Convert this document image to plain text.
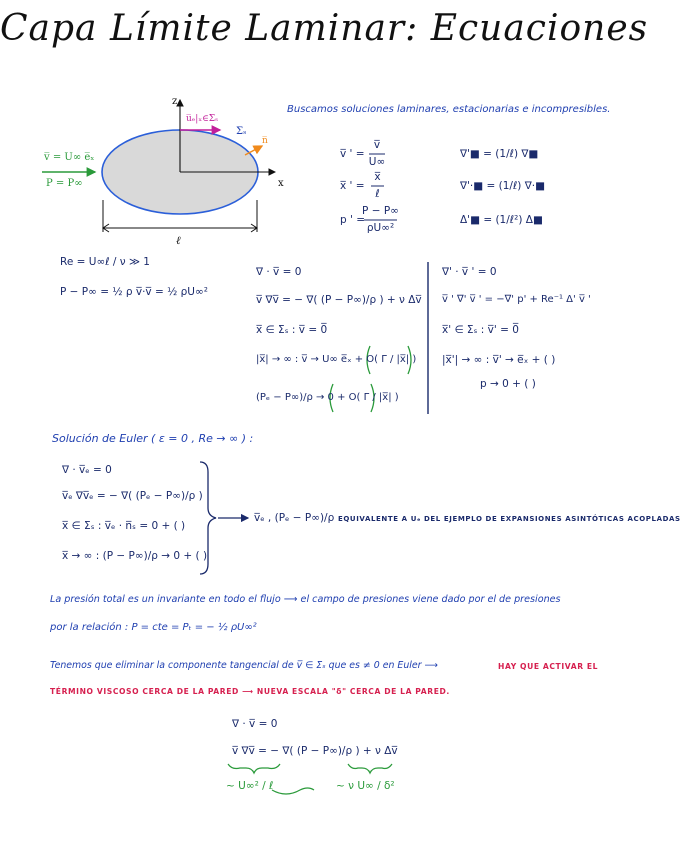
Capa Límite Laminar: Ecuaciones
z
x
u̅ₑ|ₓ∈Σₛ
Σₛ
n̅
ℓ
v̅ = U∞ e̅ₓ
P = P∞
Buscamos soluciones laminares, estacionarias e incompresibles.
v̅ ' =
v̅
U∞
x̅ ' =
x̅
ℓ
p ' =
P − P∞
ρU∞²
∇'■ = (1/ℓ) ∇■
∇'·■ = (1/ℓ) ∇·■
Δ'■ = (1/ℓ²) Δ■
Re = U∞ℓ / ν ≫ 1
P − P∞ = ½ ρ v̅·v̅ = ½ ρU∞²
∇ · v̅ = 0
v̅ ∇v̅ = − ∇( (P − P∞)/ρ ) + ν Δv̅
x̅ ∈ Σₛ : v̅ = 0̅
|x̅| → ∞ : v̅ → U∞ e̅ₓ + O( Γ / |x̅| )
(Pₑ − P∞)/ρ → 0 + O( Γ / |x̅| )
∇' · v̅ ' = 0
v̅ ' ∇' v̅ ' = −∇' p' + Re⁻¹ Δ' v̅ '
x̅' ∈ Σₛ : v̅' = 0̅
|x̅'| → ∞ : v̅' → e̅ₓ + ( )
p → 0 + ( )
Solución de Euler ( ε = 0 , Re → ∞ ) :
∇ · v̅ₑ = 0
v̅ₑ ∇v̅ₑ = − ∇( (Pₑ − P∞)/ρ )
x̅ ∈ Σₛ : v̅ₑ · n̅ₛ = 0 + ( )
x̅ → ∞ : (P − P∞)/ρ → 0 + ( )
v̅ₑ , (Pₑ − P∞)/ρ EQUIVALENTE A Uₑ DEL EJEMPLO DE EXPANSIONES ASINTÓTICAS ACOPLADAS
La presión total es un invariante en todo el flujo ⟶ el campo de presiones viene dado por el de presiones
por la relación : P = cte = Pₜ = − ½ ρU∞²
Tenemos que eliminar la componente tangencial de v̅ ∈ Σₛ que es ≠ 0 en Euler ⟶	HAY QUE ACTIVAR EL
TÉRMINO VISCOSO CERCA DE LA PARED ⟶ NUEVA ESCALA "δ" CERCA DE LA PARED.
∇ · v̅ = 0
v̅ ∇v̅ = − ∇( (P − P∞)/ρ ) + ν Δv̅
~ U∞² / ℓ	~ ν U∞ / δ²
